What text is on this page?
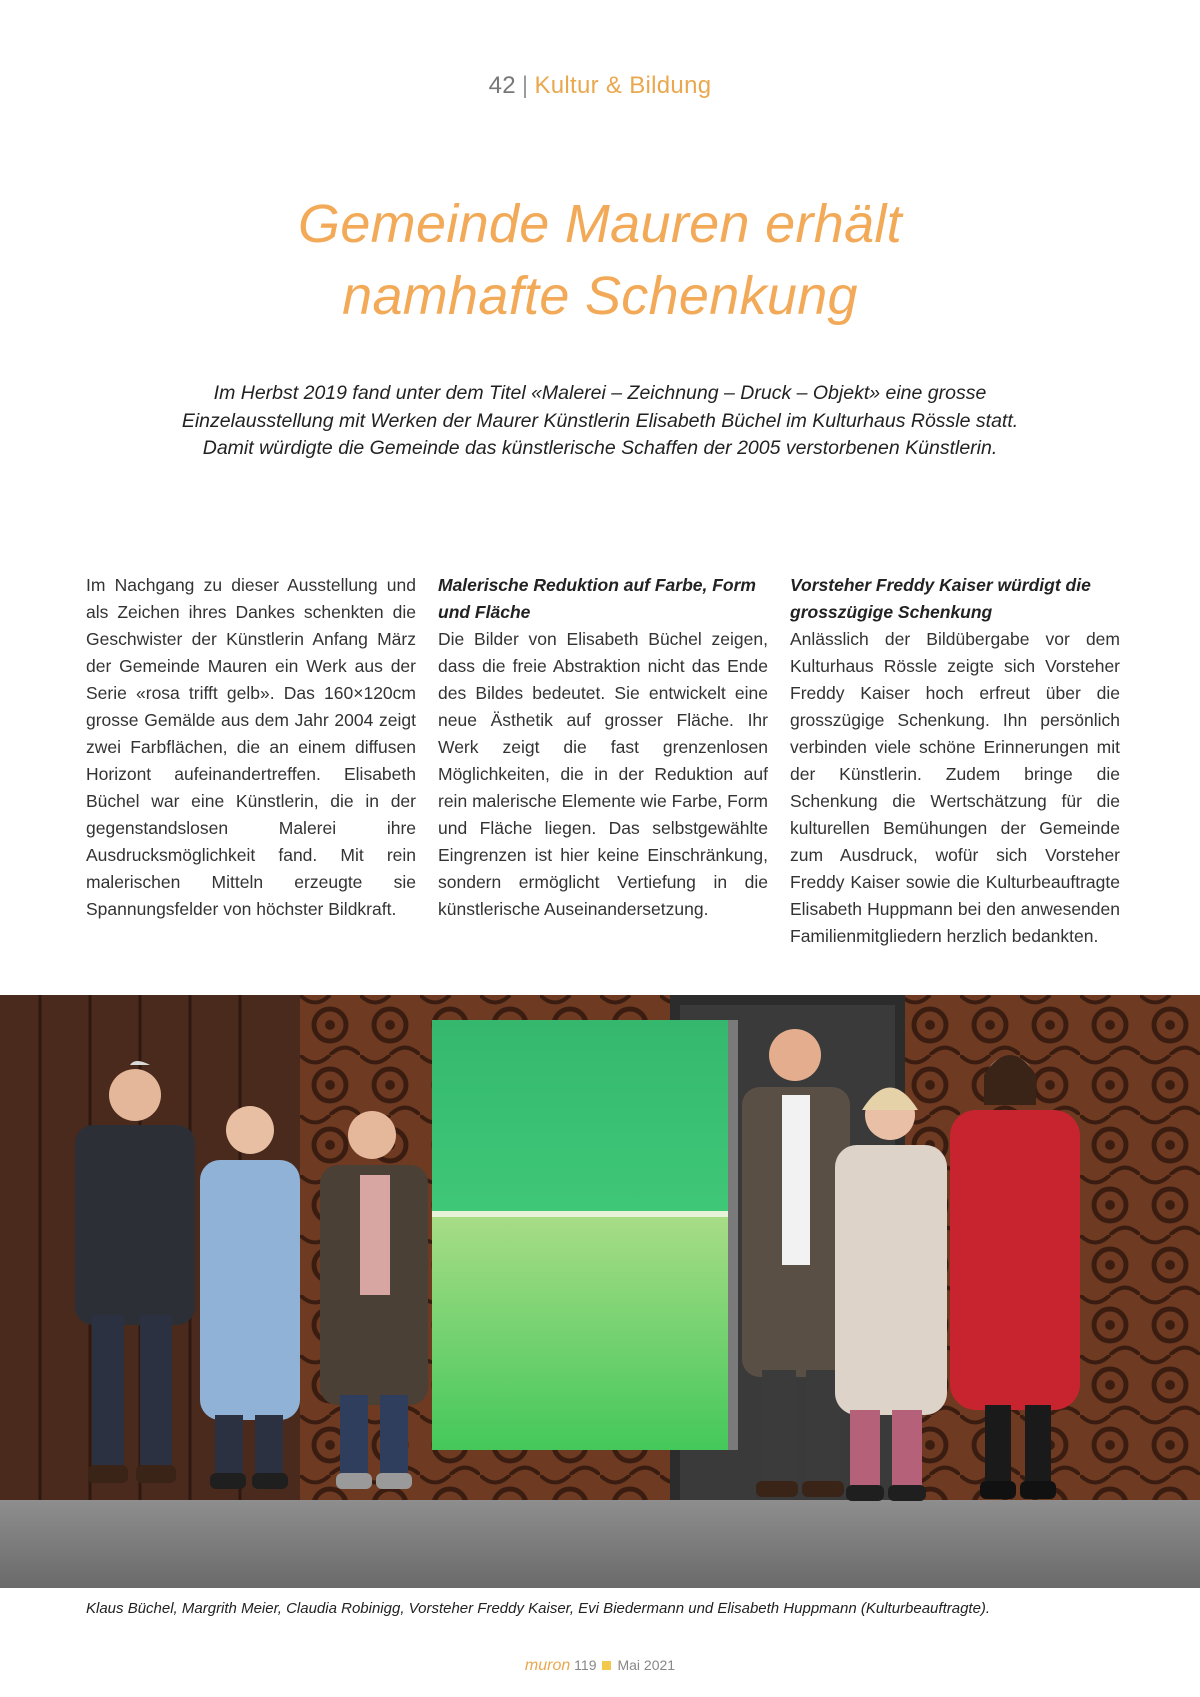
42 | Kultur & Bildung
Gemeinde Mauren erhält
namhafte Schenkung
Im Herbst 2019 fand unter dem Titel «Malerei – Zeichnung – Druck – Objekt» eine grosse Einzelausstellung mit Werken der Maurer Künstlerin Elisabeth Büchel im Kulturhaus Rössle statt. Damit würdigte die Gemeinde das künstlerische Schaffen der 2005 verstorbenen Künstlerin.
Im Nachgang zu dieser Ausstellung und als Zeichen ihres Dankes schenkten die Geschwister der Künstlerin Anfang März der Gemeinde Mauren ein Werk aus der Serie «rosa trifft gelb». Das 160×120cm grosse Gemälde aus dem Jahr 2004 zeigt zwei Farbflächen, die an einem diffusen Horizont aufeinandertreffen. Elisabeth Büchel war eine Künstlerin, die in der gegenstandslosen Malerei ihre Ausdrucksmöglichkeit fand. Mit rein malerischen Mitteln erzeugte sie Spannungsfelder von höchster Bildkraft.
Malerische Reduktion auf Farbe, Form und Fläche
Die Bilder von Elisabeth Büchel zeigen, dass die freie Abstraktion nicht das Ende des Bildes bedeutet. Sie entwickelt eine neue Ästhetik auf grosser Fläche. Ihr Werk zeigt die fast grenzenlosen Möglichkeiten, die in der Reduktion auf rein malerische Elemente wie Farbe, Form und Fläche liegen. Das selbstgewählte Eingrenzen ist hier keine Einschränkung, sondern ermöglicht Vertiefung in die künstlerische Auseinandersetzung.
Vorsteher Freddy Kaiser würdigt die grosszügige Schenkung
Anlässlich der Bildübergabe vor dem Kulturhaus Rössle zeigte sich Vorsteher Freddy Kaiser hoch erfreut über die grosszügige Schenkung. Ihn persönlich verbinden viele schöne Erinnerungen mit der Künstlerin. Zudem bringe die Schenkung die Wertschätzung für die kulturellen Bemühungen der Gemeinde zum Ausdruck, wofür sich Vorsteher Freddy Kaiser sowie die Kulturbeauftragte Elisabeth Huppmann bei den anwesenden Familienmitgliedern herzlich bedankten.
Klaus Büchel, Margrith Meier, Claudia Robinigg, Vorsteher Freddy Kaiser, Evi Biedermann und Elisabeth Huppmann (Kulturbeauftragte).
muron 119 Mai 2021
